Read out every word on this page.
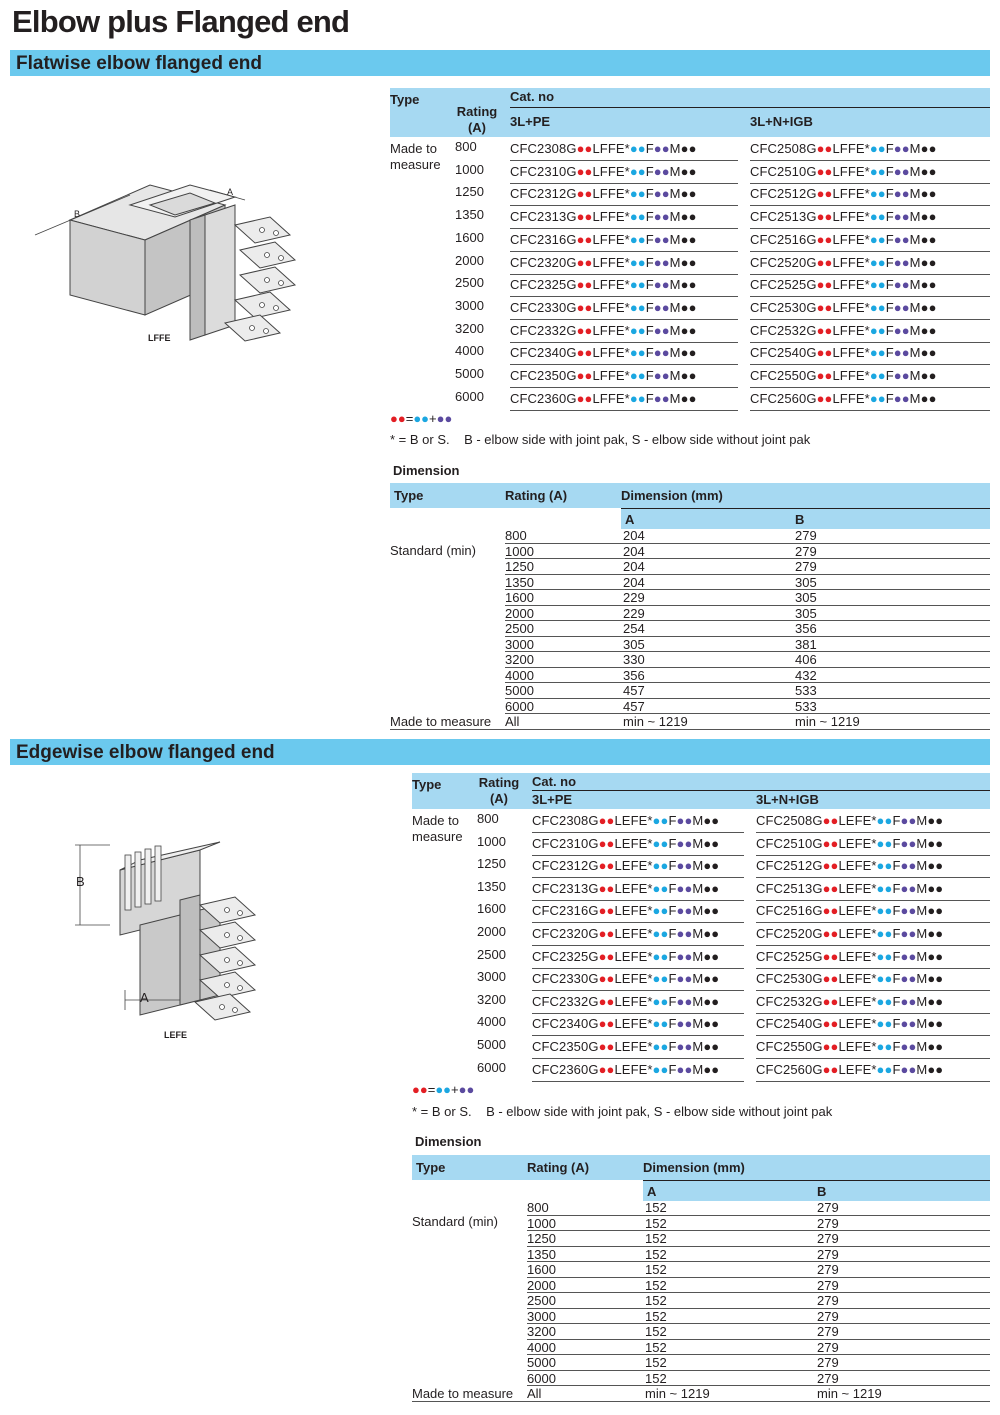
Elbow plus Flanged end
Flatwise elbow flanged end
Edgewise elbow flanged end
LFFE
B
A
LEFE
B
A
Type
Rating (A)
Cat. no
3L+PE	3L+N+IGB
Made to measure
800	CFC2308G●●LFFE*●●F●●M●●	CFC2508G●●LFFE*●●F●●M●●
1000 CFC2310G●●LFFE*●●F●●M●●	CFC2510G●●LFFE*●●F●●M●●
1250 CFC2312G●●LFFE*●●F●●M●●	CFC2512G●●LFFE*●●F●●M●●
1350 CFC2313G●●LFFE*●●F●●M●●	CFC2513G●●LFFE*●●F●●M●●
1600 CFC2316G●●LFFE*●●F●●M●●	CFC2516G●●LFFE*●●F●●M●●
2000 CFC2320G●●LFFE*●●F●●M●●	CFC2520G●●LFFE*●●F●●M●●
2500 CFC2325G●●LFFE*●●F●●M●●	CFC2525G●●LFFE*●●F●●M●●
3000 CFC2330G●●LFFE*●●F●●M●●	CFC2530G●●LFFE*●●F●●M●●
3200 CFC2332G●●LFFE*●●F●●M●●	CFC2532G●●LFFE*●●F●●M●●
4000 CFC2340G●●LFFE*●●F●●M●●	CFC2540G●●LFFE*●●F●●M●●
5000 CFC2350G●●LFFE*●●F●●M●●	CFC2550G●●LFFE*●●F●●M●●
6000 CFC2360G●●LFFE*●●F●●M●●	CFC2560G●●LFFE*●●F●●M●●
Type	Rating (A)
Cat. no
3L+PE	3L+N+IGB
Made to measure
800	CFC2308G●●LEFE*●●F●●M●●	CFC2508G●●LEFE*●●F●●M●●
1000 CFC2310G●●LEFE*●●F●●M●●	CFC2510G●●LEFE*●●F●●M●●
1250 CFC2312G●●LEFE*●●F●●M●●	CFC2512G●●LEFE*●●F●●M●●
1350 CFC2313G●●LEFE*●●F●●M●●	CFC2513G●●LEFE*●●F●●M●●
1600 CFC2316G●●LEFE*●●F●●M●●	CFC2516G●●LEFE*●●F●●M●●
2000 CFC2320G●●LEFE*●●F●●M●●	CFC2520G●●LEFE*●●F●●M●●
2500 CFC2325G●●LEFE*●●F●●M●●	CFC2525G●●LEFE*●●F●●M●●
3000 CFC2330G●●LEFE*●●F●●M●●	CFC2530G●●LEFE*●●F●●M●●
3200 CFC2332G●●LEFE*●●F●●M●●	CFC2532G●●LEFE*●●F●●M●●
4000 CFC2340G●●LEFE*●●F●●M●●	CFC2540G●●LEFE*●●F●●M●●
5000 CFC2350G●●LEFE*●●F●●M●●	CFC2550G●●LEFE*●●F●●M●●
6000 CFC2360G●●LEFE*●●F●●M●●	CFC2560G●●LEFE*●●F●●M●●
●●=●●+●●
* = B or S. B - elbow side with joint pak, S - elbow side without joint pak
●●=●●+●●
* = B or S. B - elbow side with joint pak, S - elbow side without joint pak
Dimension
Dimension
Type	Rating (A)	Dimension (mm)
A	B
Standard (min)
800	204	279
1000	204	279
1250	204	279
1350	204	305
1600	229	305
2000	229	305
2500	254	356
3000	305	381
3200	330	406
4000	356	432
5000	457	533
6000	457	533
Made to measure All	min ~ 1219	min ~ 1219
Type	Rating (A)	Dimension (mm)
A	B
Standard (min)
800	152	279
1000	152	279
1250	152	279
1350	152	279
1600	152	279
2000	152	279
2500	152	279
3000	152	279
3200	152	279
4000	152	279
5000	152	279
6000	152	279
Made to measure All	min ~ 1219	min ~ 1219
